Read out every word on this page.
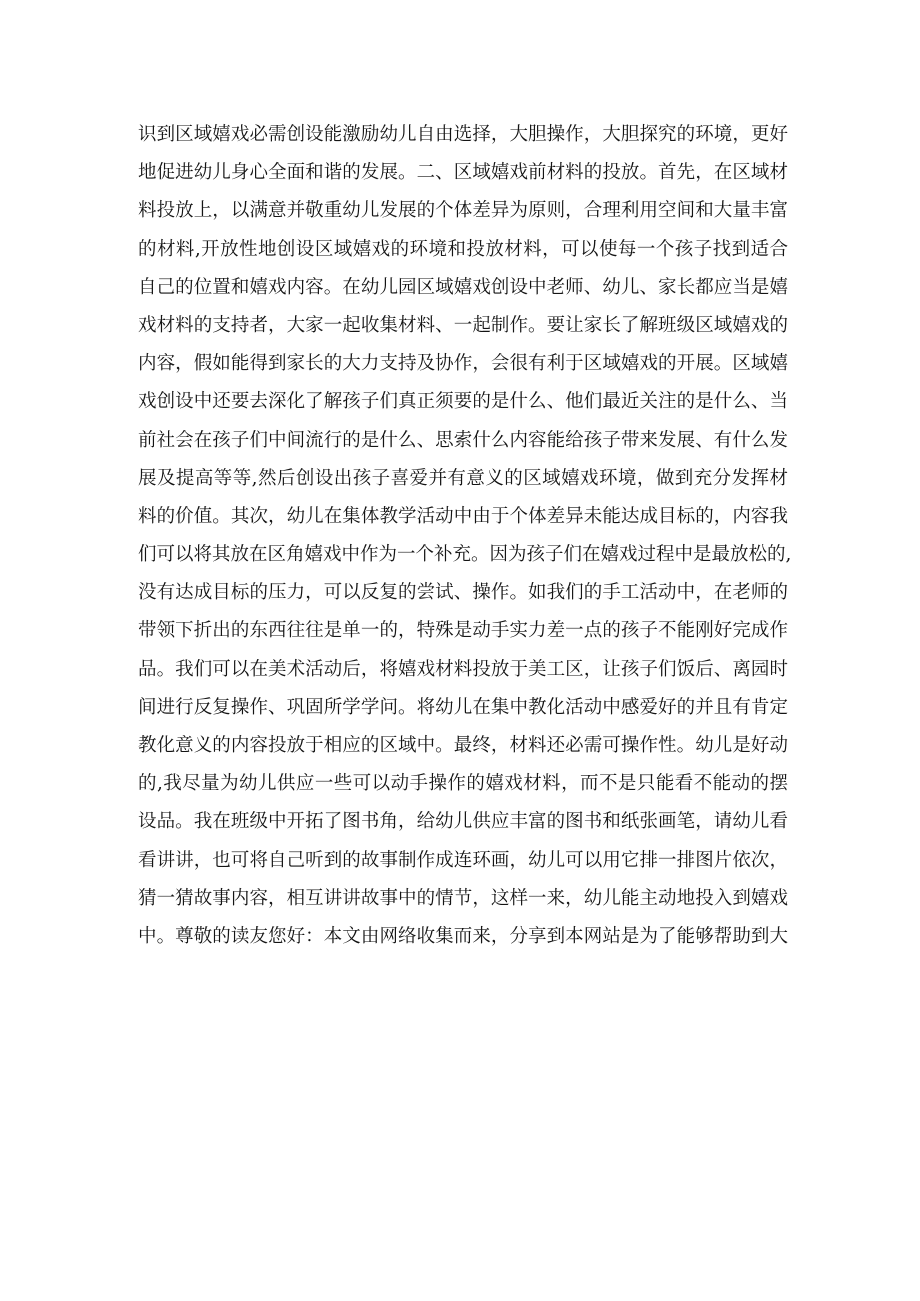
识到区域嬉戏必需创设能激励幼儿自由选择，大胆操作，大胆探究的环境，更好
地促进幼儿身心全面和谐的发展。二、区域嬉戏前材料的投放。首先，在区域材
料投放上，以满意并敬重幼儿发展的个体差异为原则，合理利用空间和大量丰富
的材料,开放性地创设区域嬉戏的环境和投放材料，可以使每一个孩子找到适合
自己的位置和嬉戏内容。在幼儿园区域嬉戏创设中老师、幼儿、家长都应当是嬉
戏材料的支持者，大家一起收集材料、一起制作。要让家长了解班级区域嬉戏的
内容，假如能得到家长的大力支持及协作，会很有利于区域嬉戏的开展。区域嬉
戏创设中还要去深化了解孩子们真正须要的是什么、他们最近关注的是什么、当
前社会在孩子们中间流行的是什么、思索什么内容能给孩子带来发展、有什么发
展及提高等等,然后创设出孩子喜爱并有意义的区域嬉戏环境，做到充分发挥材
料的价值。其次，幼儿在集体教学活动中由于个体差异未能达成目标的，内容我
们可以将其放在区角嬉戏中作为一个补充。因为孩子们在嬉戏过程中是最放松的,
没有达成目标的压力，可以反复的尝试、操作。如我们的手工活动中，在老师的
带领下折出的东西往往是单一的，特殊是动手实力差一点的孩子不能刚好完成作
品。我们可以在美术活动后，将嬉戏材料投放于美工区，让孩子们饭后、离园时
间进行反复操作、巩固所学学问。将幼儿在集中教化活动中感爱好的并且有肯定
教化意义的内容投放于相应的区域中。最终，材料还必需可操作性。幼儿是好动
的,我尽量为幼儿供应一些可以动手操作的嬉戏材料，而不是只能看不能动的摆
设品。我在班级中开拓了图书角，给幼儿供应丰富的图书和纸张画笔，请幼儿看
看讲讲，也可将自己听到的故事制作成连环画，幼儿可以用它排一排图片依次，
猜一猜故事内容，相互讲讲故事中的情节，这样一来，幼儿能主动地投入到嬉戏
中。尊敬的读友您好：本文由网络收集而来，分享到本网站是为了能够帮助到大
